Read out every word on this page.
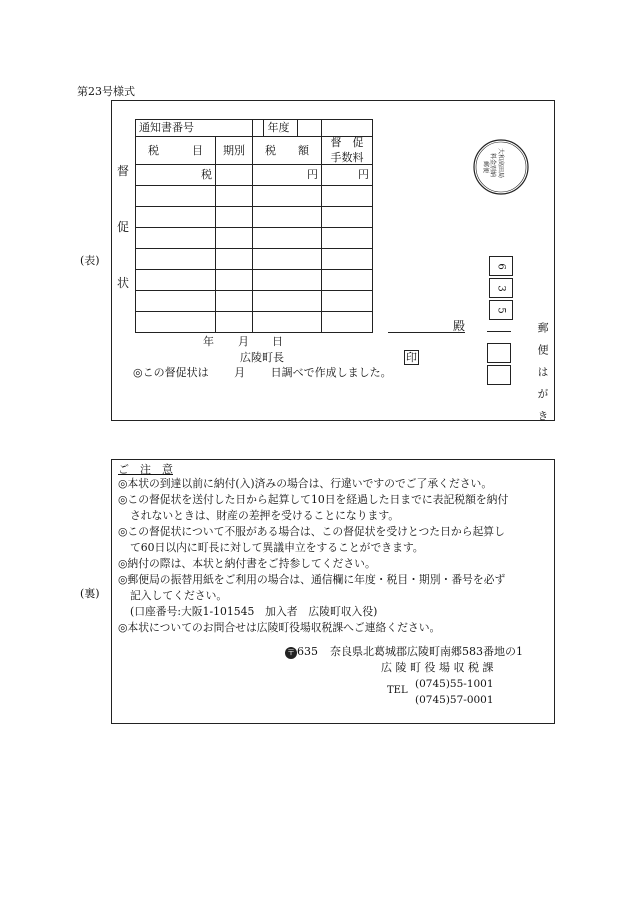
第23号様式
(表)
督
促
状
通知書番号			年度	
税　　　目	期別	税　　額		督　促
手数料

税		円		円

年 月 日
広陵町長	印
◎この督促状は 月 日調べで作成しました。
殿
大和高田局
料金別納
郵便
6
3
5
郵　便　は　が　き
(裏)
ご　注　意
◎本状の到達以前に納付(入)済みの場合は、行違いですのでご了承ください。
◎この督促状を送付した日から起算して10日を経過した日までに表記税額を納付
されないときは、財産の差押を受けることになります。
◎この督促状について不服がある場合は、この督促状を受けとつた日から起算し
て60日以内に町長に対して異議申立をすることができます。
◎納付の際は、本状と納付書をご持参してください。
◎郵便局の振替用紙をご利用の場合は、通信欄に年度・税目・期別・番号を必ず
記入してください。
(口座番号:大阪1-101545　加入者　広陵町収入役)
◎本状についてのお問合せは広陵町役場収税課へご連絡ください。
〒 635 奈良県北葛城郡広陵町南郷583番地の1
広 陵 町 役 場 収 税 課
TEL
(0745)55-1001
(0745)57-0001
